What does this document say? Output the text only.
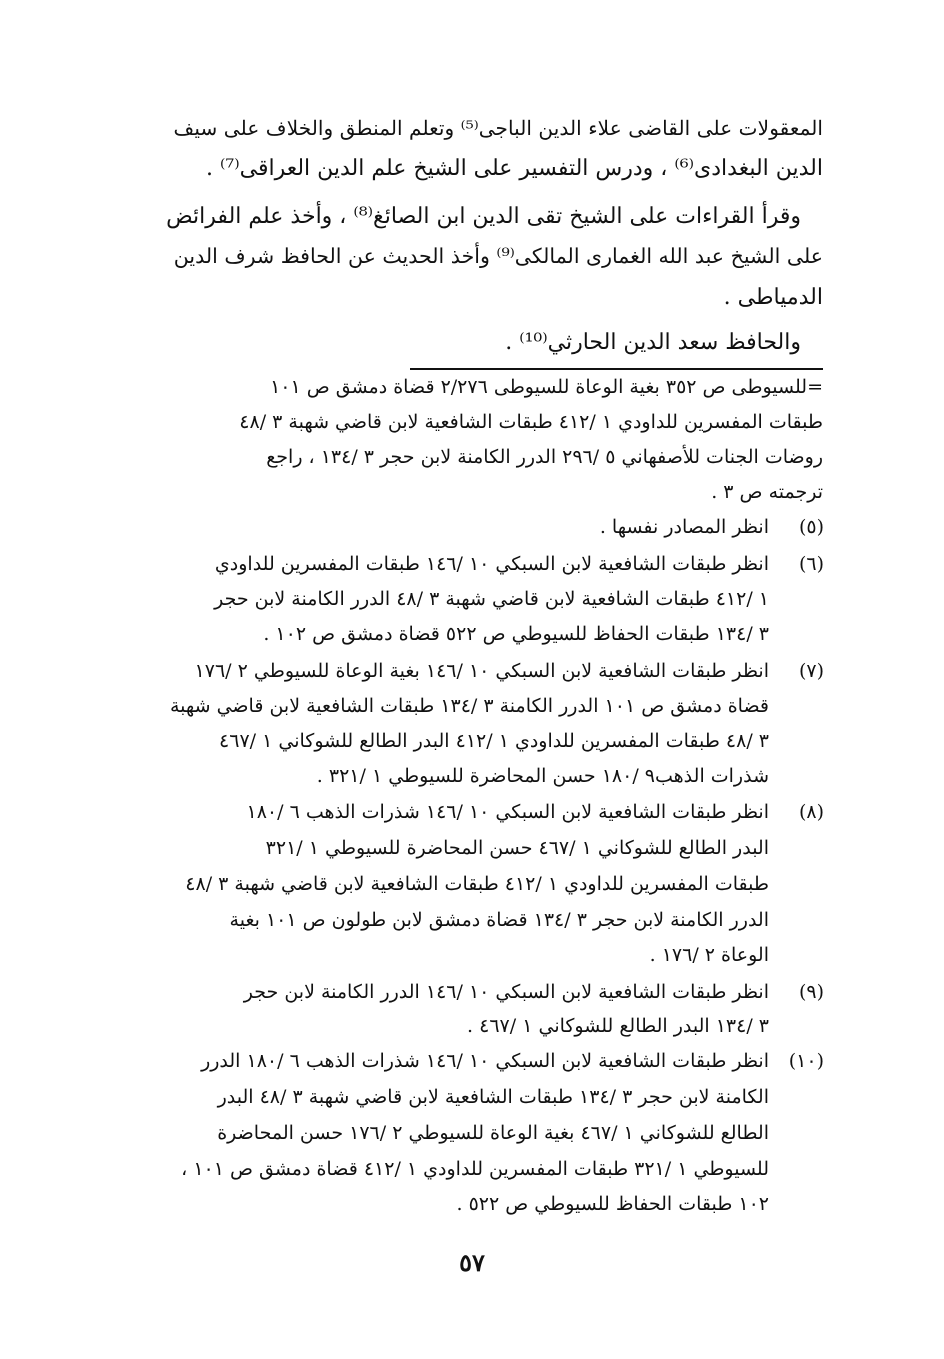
المعقولات على القاضى علاء الدين الباجى⁽⁵⁾ وتعلم المنطق والخلاف على سيف
الدين البغدادى⁽⁶⁾ ، ودرس التفسير على الشيخ علم الدين العراقى⁽⁷⁾ .
وقرأ القراءات على الشيخ تقى الدين ابن الصائغ⁽⁸⁾ ، وأخذ علم الفرائض
على الشيخ عبد الله الغمارى المالكى⁽⁹⁾ وأخذ الحديث عن الحافظ شرف الدين
الدمياطى .
والحافظ سعد الدين الحارثي⁽¹⁰⁾ .
=للسيوطى ص ٣٥٢ بغية الوعاة للسيوطى ٢/٢٧٦ قضاة دمشق ص ١٠١
طبقات المفسرين للداودي ١ /٤١٢ طبقات الشافعية لابن قاضي شهبة ٣ /٤٨
روضات الجنات للأصفهاني ٥ /٢٩٦ الدرر الكامنة لابن حجر ٣ /١٣٤ ، راجع
ترجمته ص ٣ .
(٥)
انظر المصادر نفسها .
(٦)
انظر طبقات الشافعية لابن السبكي ١٠ /١٤٦ طبقات المفسرين للداودي
١ /٤١٢ طبقات الشافعية لابن قاضي شهبة ٣ /٤٨ الدرر الكامنة لابن حجر
٣ /١٣٤ طبقات الحفاظ للسيوطي ص ٥٢٢ قضاة دمشق ص ١٠٢ .
(٧)
انظر طبقات الشافعية لابن السبكي ١٠ /١٤٦ بغية الوعاة للسيوطي ٢ /١٧٦
قضاة دمشق ص ١٠١ الدرر الكامنة ٣ /١٣٤ طبقات الشافعية لابن قاضي شهبة
٣ /٤٨ طبقات المفسرين للداودي ١ /٤١٢ البدر الطالع للشوكاني ١ /٤٦٧
شذرات الذهب٩ /١٨٠ حسن المحاضرة للسيوطي ١ /٣٢١ .
(٨)
انظر طبقات الشافعية لابن السبكي ١٠ /١٤٦ شذرات الذهب ٦ /١٨٠
البدر الطالع للشوكاني ١ /٤٦٧ حسن المحاضرة للسيوطي ١ /٣٢١
طبقات المفسرين للداودي ١ /٤١٢ طبقات الشافعية لابن قاضي شهبة ٣ /٤٨
الدرر الكامنة لابن حجر ٣ /١٣٤ قضاة دمشق لابن طولون ص ١٠١ بغية
الوعاة ٢ /١٧٦ .
(٩)
انظر طبقات الشافعية لابن السبكي ١٠ /١٤٦ الدرر الكامنة لابن حجر
٣ /١٣٤ البدر الطالع للشوكاني ١ /٤٦٧ .
(١٠)
انظر طبقات الشافعية لابن السبكي ١٠ /١٤٦ شذرات الذهب ٦ /١٨٠ الدرر
الكامنة لابن حجر ٣ /١٣٤ طبقات الشافعية لابن قاضي شهبة ٣ /٤٨ البدر
الطالع للشوكاني ١ /٤٦٧ بغية الوعاة للسيوطي ٢ /١٧٦ حسن المحاضرة
للسيوطي ١ /٣٢١ طبقات المفسرين للداودي ١ /٤١٢ قضاة دمشق ص ١٠١ ،
١٠٢ طبقات الحفاظ للسيوطي ص ٥٢٢ .
٥٧
